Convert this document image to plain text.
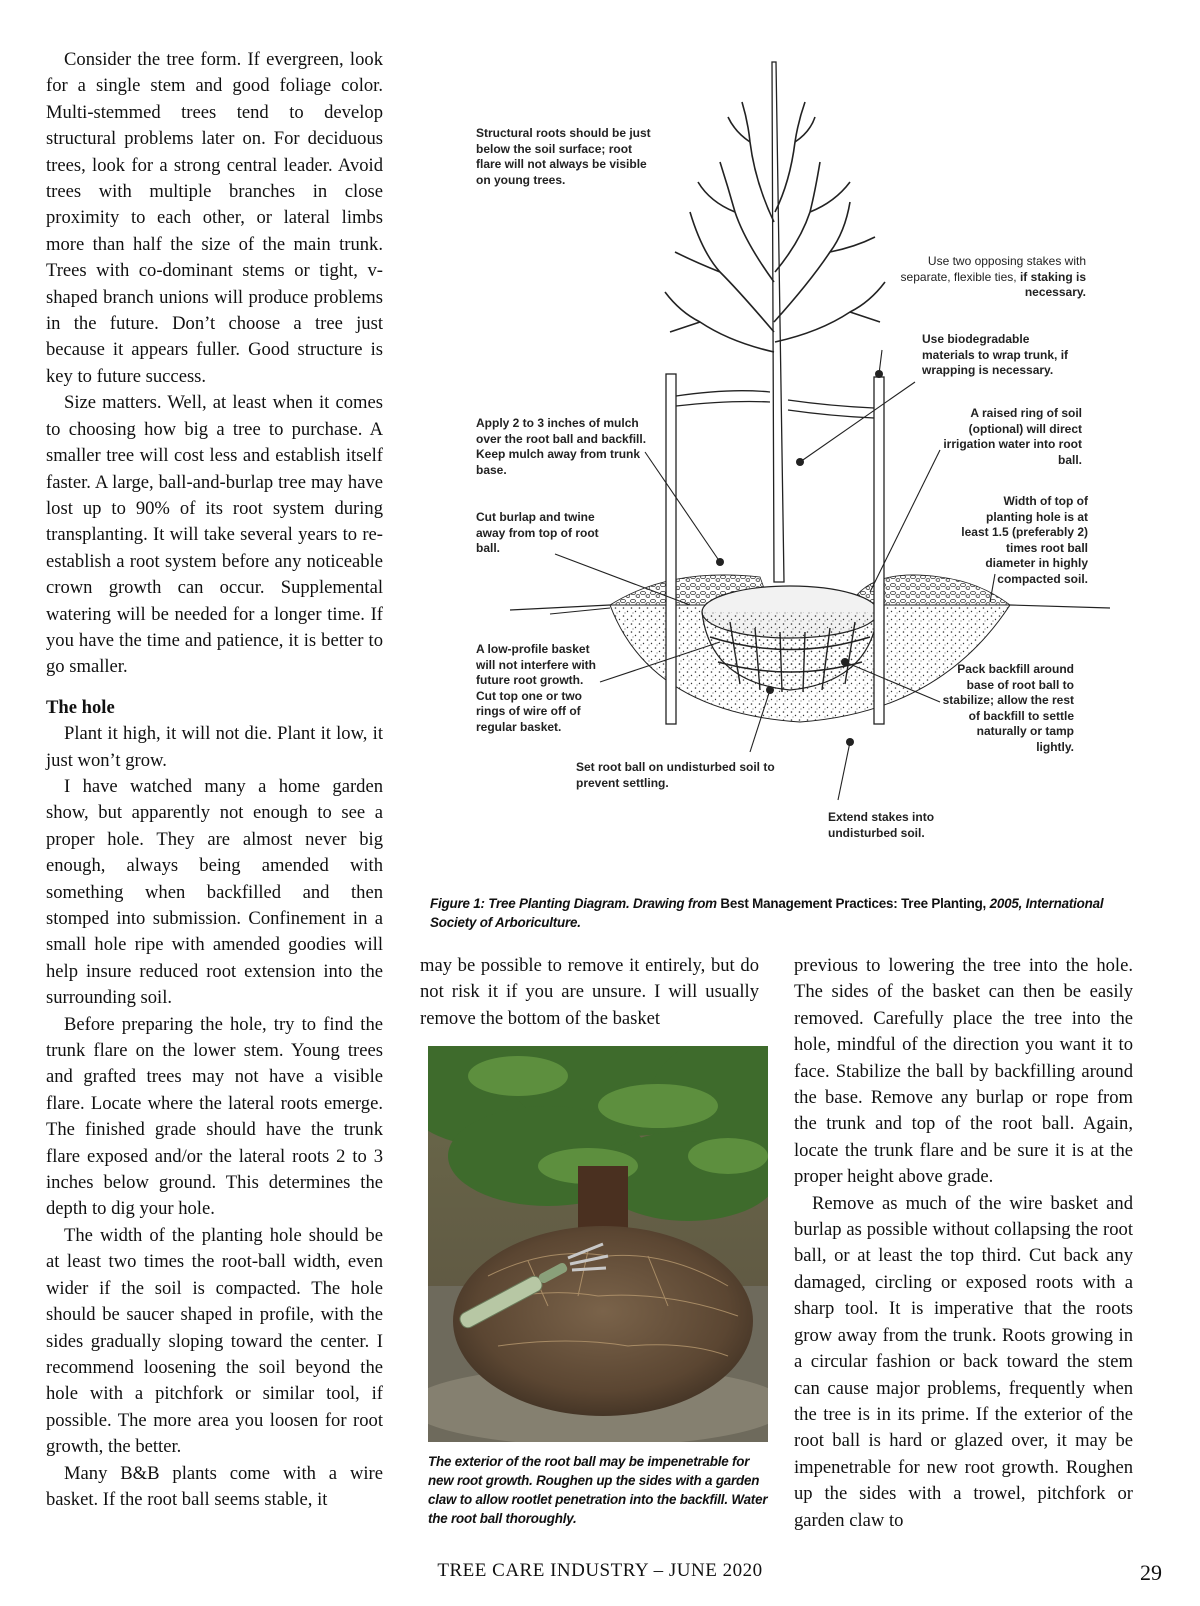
Consider the tree form. If evergreen, look for a single stem and good foliage color. Multi-stemmed trees tend to develop structural problems later on. For deciduous trees, look for a strong central leader. Avoid trees with multiple branches in close proximity to each other, or lateral limbs more than half the size of the main trunk. Trees with co-dominant stems or tight, v-shaped branch unions will produce problems in the future. Don’t choose a tree just because it appears fuller. Good structure is key to future success.

Size matters. Well, at least when it comes to choosing how big a tree to purchase. A smaller tree will cost less and establish itself faster. A large, ball-and-burlap tree may have lost up to 90% of its root system during transplanting. It will take several years to re-establish a root system before any noticeable crown growth can occur. Supplemental watering will be needed for a longer time. If you have the time and patience, it is better to go smaller.

The hole

Plant it high, it will not die. Plant it low, it just won’t grow.

I have watched many a home garden show, but apparently not enough to see a proper hole. They are almost never big enough, always being amended with something when backfilled and then stomped into submission. Confinement in a small hole ripe with amended goodies will help insure reduced root extension into the surrounding soil.

Before preparing the hole, try to find the trunk flare on the lower stem. Young trees and grafted trees may not have a visible flare. Locate where the lateral roots emerge. The finished grade should have the trunk flare exposed and/or the lateral roots 2 to 3 inches below ground. This determines the depth to dig your hole.

The width of the planting hole should be at least two times the root-ball width, even wider if the soil is compacted. The hole should be saucer shaped in profile, with the sides gradually sloping toward the center. I recommend loosening the soil beyond the hole with a pitchfork or similar tool, if possible. The more area you loosen for root growth, the better.

Many B&B plants come with a wire basket. If the root ball seems stable, it

Structural roots should be just below the soil surface; root flare will not always be visible on young trees.
Use two opposing stakes with separate, flexible ties, if staking is necessary.
Use biodegradable materials to wrap trunk, if wrapping is necessary.
Apply 2 to 3 inches of mulch over the root ball and backfill. Keep mulch away from trunk base.
A raised ring of soil (optional) will direct irrigation water into root ball.
Cut burlap and twine away from top of root ball.
Width of top of planting hole is at least 1.5 (preferably 2) times root ball diameter in highly compacted soil.
A low-profile basket will not interfere with future root growth. Cut top one or two rings of wire off of regular basket.
Pack backfill around base of root ball to stabilize; allow the rest of backfill to settle naturally or tamp lightly.
Set root ball on undisturbed soil to prevent settling.
Extend stakes into undisturbed soil.
Figure 1: Tree Planting Diagram. Drawing from Best Management Practices: Tree Planting, 2005, International Society of Arboriculture.

may be possible to remove it entirely, but do not risk it if you are unsure. I will usually remove the bottom of the basket

The exterior of the root ball may be impenetrable for new root growth. Roughen up the sides with a garden claw to allow rootlet penetration into the backfill. Water the root ball thoroughly.

previous to lowering the tree into the hole. The sides of the basket can then be easily removed. Carefully place the tree into the hole, mindful of the direction you want it to face. Stabilize the ball by backfilling around the base. Remove any burlap or rope from the trunk and top of the root ball. Again, locate the trunk flare and be sure it is at the proper height above grade.

Remove as much of the wire basket and burlap as possible without collapsing the root ball, or at least the top third. Cut back any damaged, circling or exposed roots with a sharp tool. It is imperative that the roots grow away from the trunk. Roots growing in a circular fashion or back toward the stem can cause major problems, frequently when the tree is in its prime. If the exterior of the root ball is hard or glazed over, it may be impenetrable for new root growth. Roughen up the sides with a trowel, pitchfork or garden claw to

TREE CARE INDUSTRY – JUNE 2020	29
